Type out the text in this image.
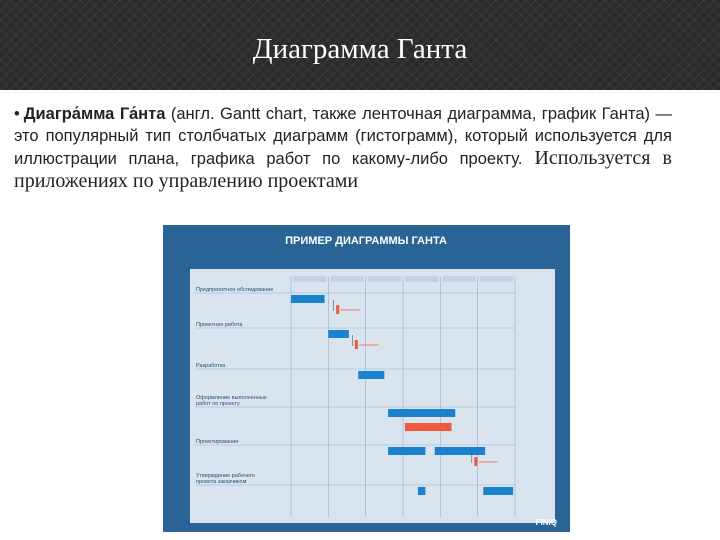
Диаграмма Ганта
• Диагра́мма Га́нта (англ. Gantt chart, также ленточная диаграмма, график Ганта) — это популярный тип столбчатых диаграмм (гистограмм), который используется для иллюстрации плана, графика работ по какому-либо проекту. Используется в приложениях по управлению проектами
ПРИМЕР ДИАГРАММЫ ГАНТА
Предпроектное обследование
Проектная работа
Разработка
Оформление выполненных работ по проекту
Проектирование
Утверждение рабочего проекта заказчиком
FINIQ
